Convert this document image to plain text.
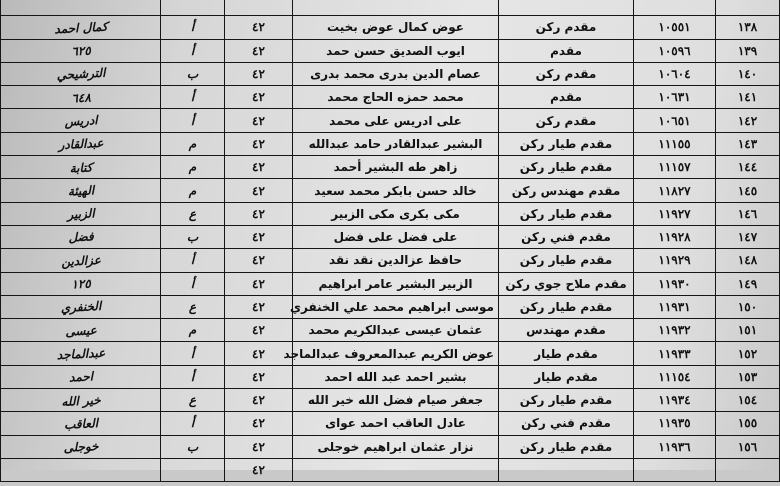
١٣٨	١٠٥٥١	مقدم ركن	عوض كمال عوض بخيت	٤٢	أ	كمال احمد
١٣٩	١٠٥٩٦	مقدم	ايوب الصديق حسن حمد	٤٢	أ	٦٢٥
١٤٠	١٠٦٠٤	مقدم ركن	عصام الدين بدرى محمد بدرى	٤٢	ب	الترشيحي
١٤١	١٠٦٣١	مقدم	محمد حمزه الحاج محمد	٤٢	أ	٦٤٨
١٤٢	١٠٦٥١	مقدم ركن	على ادريس على محمد	٤٢	أ	ادريس
١٤٣	١١١٥٥	مقدم طيار ركن	البشير عبدالقادر حامد عبدالله	٤٢	م	عبدالقادر
١٤٤	١١١٥٧	مقدم طيار ركن	زاهر طه البشير أحمد	٤٢	م	كتابة
١٤٥	١١٨٢٧	مقدم مهندس ركن	خالد حسن بابكر محمد سعيد	٤٢	م	الهيئة
١٤٦	١١٩٢٧	مقدم طيار ركن	مكى بكرى مكى الزبير	٤٢	ع	الزبير
١٤٧	١١٩٢٨	مقدم فني ركن	على فضل على فضل	٤٢	ب	فضل
١٤٨	١١٩٢٩	مقدم طيار ركن	حافظ عزالدين نقد نقد	٤٢	أ	عزالدين
١٤٩	١١٩٣٠	مقدم ملاح جوي ركن	الزبير البشير عامر ابراهيم	٤٢	أ	١٢٥
١٥٠	١١٩٣١	مقدم طيار ركن	موسى ابراهيم محمد علي الخنفري	٤٢	ع	الخنفري
١٥١	١١٩٣٢	مقدم مهندس	عثمان عيسى عبدالكريم محمد	٤٢	م	عيسى
١٥٢	١١٩٣٣	مقدم طيار	عوض الكريم عبدالمعروف عبدالماجد	٤٢	أ	عبدالماجد
١٥٣	١١١٥٤	مقدم طيار	بشير احمد عبد الله احمد	٤٢	أ	احمد
١٥٤	١١٩٣٤	مقدم طيار ركن	جعفر صيام فضل الله خير الله	٤٢	ع	خير الله
١٥٥	١١٩٣٥	مقدم فني ركن	عادل العاقب احمد عواى	٤٢	أ	العاقب
١٥٦	١١٩٣٦	مقدم طيار ركن	نزار عثمان ابراهيم خوجلى	٤٢	ب	خوجلى
				٤٢		
